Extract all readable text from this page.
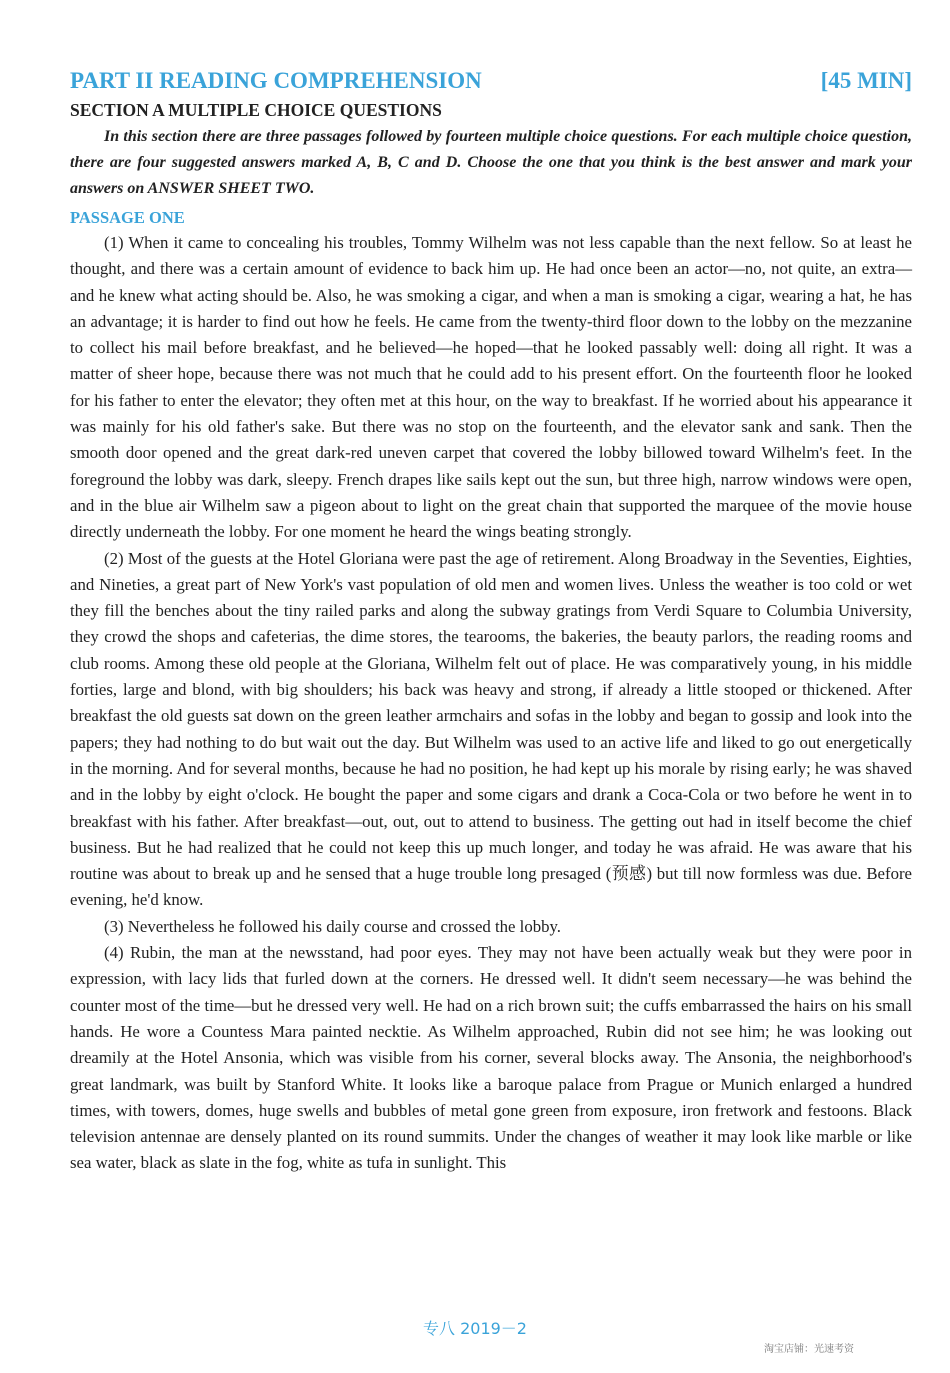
PART II READING COMPREHENSION	[45 MIN]
SECTION A MULTIPLE CHOICE QUESTIONS

In this section there are three passages followed by fourteen multiple choice questions. For each multiple choice question, there are four suggested answers marked A, B, C and D. Choose the one that you think is the best answer and mark your answers on ANSWER SHEET TWO.

PASSAGE ONE

(1) When it came to concealing his troubles, Tommy Wilhelm was not less capable than the next fellow. So at least he thought, and there was a certain amount of evidence to back him up. He had once been an actor—no, not quite, an extra—and he knew what acting should be. Also, he was smoking a cigar, and when a man is smoking a cigar, wearing a hat, he has an advantage; it is harder to find out how he feels. He came from the twenty-third floor down to the lobby on the mezzanine to collect his mail before breakfast, and he believed—he hoped—that he looked passably well: doing all right. It was a matter of sheer hope, because there was not much that he could add to his present effort. On the fourteenth floor he looked for his father to enter the elevator; they often met at this hour, on the way to breakfast. If he worried about his appearance it was mainly for his old father's sake. But there was no stop on the fourteenth, and the elevator sank and sank. Then the smooth door opened and the great dark-red uneven carpet that covered the lobby billowed toward Wilhelm's feet. In the foreground the lobby was dark, sleepy. French drapes like sails kept out the sun, but three high, narrow windows were open, and in the blue air Wilhelm saw a pigeon about to light on the great chain that supported the marquee of the movie house directly underneath the lobby. For one moment he heard the wings beating strongly.

(2) Most of the guests at the Hotel Gloriana were past the age of retirement. Along Broadway in the Seventies, Eighties, and Nineties, a great part of New York's vast population of old men and women lives. Unless the weather is too cold or wet they fill the benches about the tiny railed parks and along the subway gratings from Verdi Square to Columbia University, they crowd the shops and cafeterias, the dime stores, the tearooms, the bakeries, the beauty parlors, the reading rooms and club rooms. Among these old people at the Gloriana, Wilhelm felt out of place. He was comparatively young, in his middle forties, large and blond, with big shoulders; his back was heavy and strong, if already a little stooped or thickened. After breakfast the old guests sat down on the green leather armchairs and sofas in the lobby and began to gossip and look into the papers; they had nothing to do but wait out the day. But Wilhelm was used to an active life and liked to go out energetically in the morning. And for several months, because he had no position, he had kept up his morale by rising early; he was shaved and in the lobby by eight o'clock. He bought the paper and some cigars and drank a Coca-Cola or two before he went in to breakfast with his father. After breakfast—out, out, out to attend to business. The getting out had in itself become the chief business. But he had realized that he could not keep this up much longer, and today he was afraid. He was aware that his routine was about to break up and he sensed that a huge trouble long presaged (预感) but till now formless was due. Before evening, he'd know.

(3) Nevertheless he followed his daily course and crossed the lobby.

(4) Rubin, the man at the newsstand, had poor eyes. They may not have been actually weak but they were poor in expression, with lacy lids that furled down at the corners. He dressed well. It didn't seem necessary—he was behind the counter most of the time—but he dressed very well. He had on a rich brown suit; the cuffs embarrassed the hairs on his small hands. He wore a Countess Mara painted necktie. As Wilhelm approached, Rubin did not see him; he was looking out dreamily at the Hotel Ansonia, which was visible from his corner, several blocks away. The Ansonia, the neighborhood's great landmark, was built by Stanford White. It looks like a baroque palace from Prague or Munich enlarged a hundred times, with towers, domes, huge swells and bubbles of metal gone green from exposure, iron fretwork and festoons. Black television antennae are densely planted on its round summits. Under the changes of weather it may look like marble or like sea water, black as slate in the fog, white as tufa in sunlight. This

专八 2019－2
淘宝店铺：光速考资
